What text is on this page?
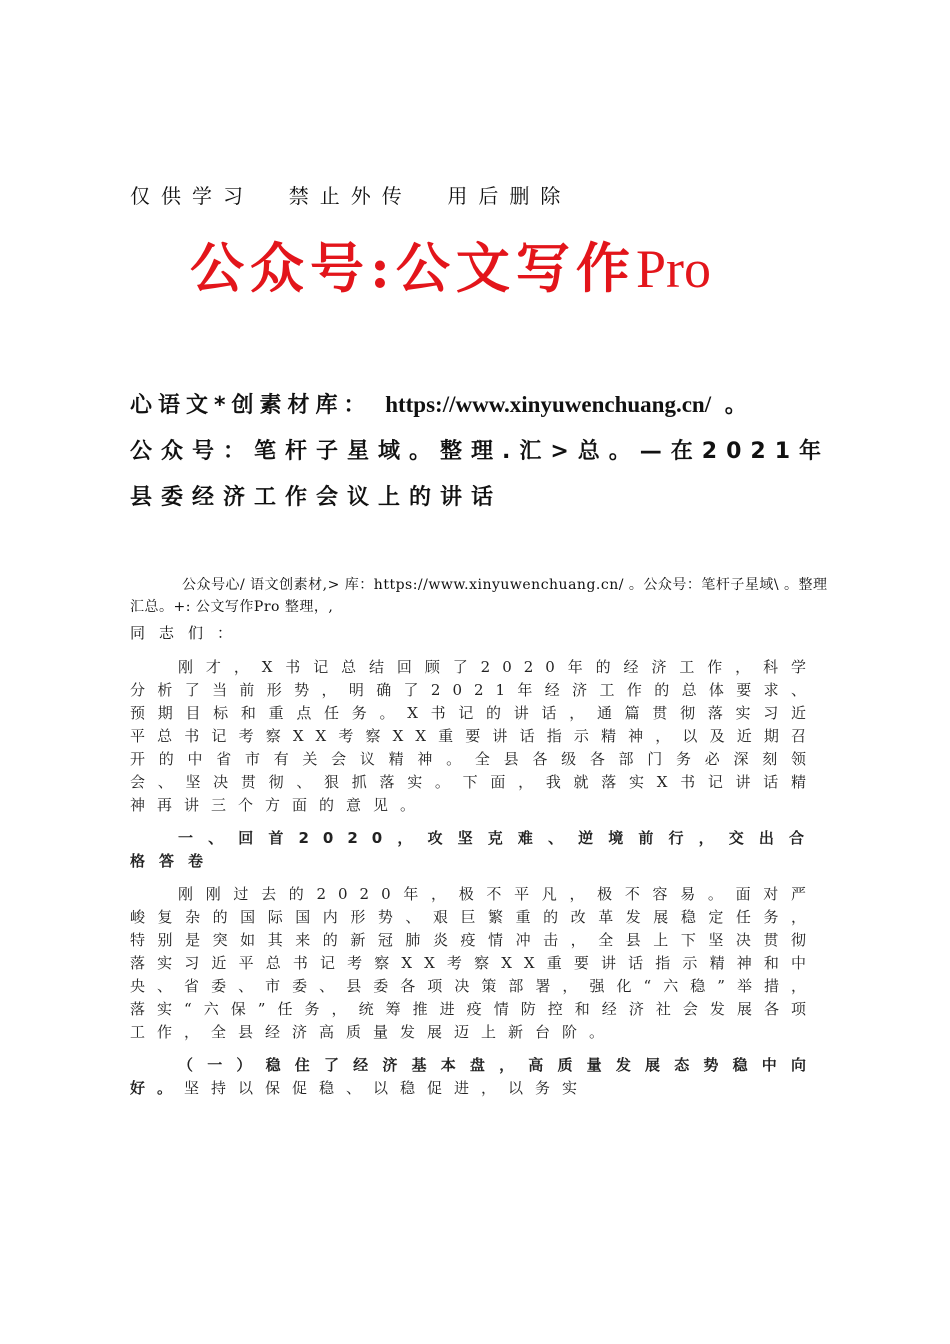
仅供学习  禁止外传  用后删除
公众号:公文写作Pro
心语文*创素材库： https://www.xinyuwenchuang.cn/ 。
公众号：笔杆子星域。整理.汇>总。—在2021年
县委经济工作会议上的讲话
公众号心/ 语文创素材,> 库：https://www.xinyuwenchuang.cn/ 。公众号：笔杆子星域\ 。整理汇总。+: 公文写作Pro 整理，,
同志们：

刚才，X书记总结回顾了2020年的经济工作，科学分析了当前形势，明确了2021年经济工作的总体要求、预期目标和重点任务。X书记的讲话，通篇贯彻落实习近平总书记考察XX考察XX重要讲话指示精神，以及近期召开的中省市有关会议精神。全县各级各部门务必深刻领会、坚决贯彻、狠抓落实。下面，我就落实X书记讲话精神再讲三个方面的意见。

一、回首2020，攻坚克难、逆境前行，交出合格答卷

刚刚过去的2020年，极不平凡，极不容易。面对严峻复杂的国际国内形势、艰巨繁重的改革发展稳定任务，特别是突如其来的新冠肺炎疫情冲击，全县上下坚决贯彻落实习近平总书记考察XX考察XX重要讲话指示精神和中央、省委、市委、县委各项决策部署，强化“六稳”举措，落实“六保”任务，统筹推进疫情防控和经济社会发展各项工作，全县经济高质量发展迈上新台阶。

（一）稳住了经济基本盘，高质量发展态势稳中向好。坚持以保促稳、以稳促进，以务实
